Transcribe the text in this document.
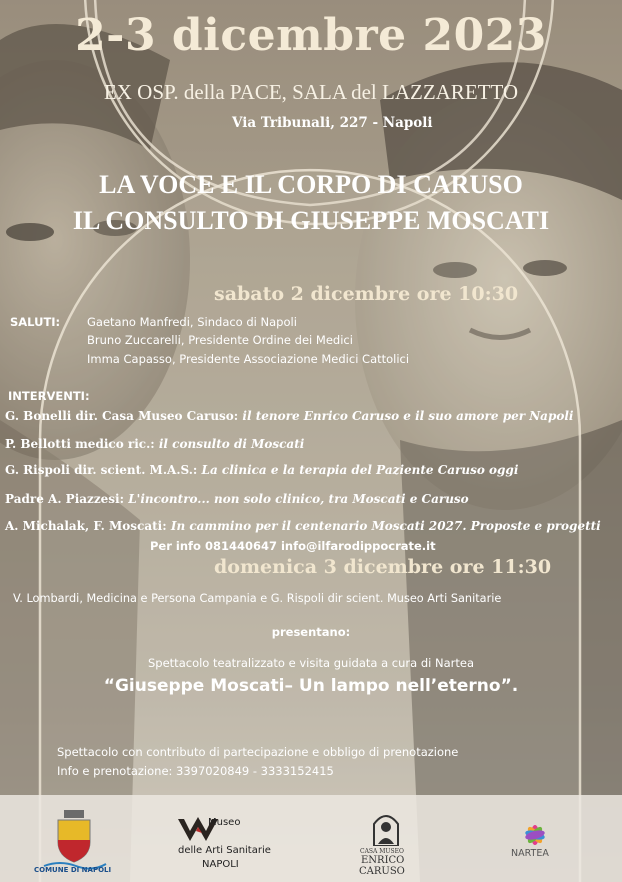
2-3 dicembre 2023
EX OSP. della PACE, SALA del LAZZARETTO
Via Tribunali, 227 - Napoli
LA VOCE E IL CORPO DI CARUSO
IL CONSULTO DI GIUSEPPE MOSCATI
sabato 2 dicembre ore 10:30
SALUTI: Gaetano Manfredi, Sindaco di Napoli
Bruno Zuccarelli, Presidente Ordine dei Medici
Imma Capasso, Presidente Associazione Medici Cattolici
INTERVENTI:
G. Bonelli dir. Casa Museo Caruso: il tenore Enrico Caruso e il suo amore per Napoli
P. Bellotti medico ric.: il consulto di Moscati
G. Rispoli dir. scient. M.A.S.: La clinica e la terapia del Paziente Caruso oggi
Padre A. Piazzesi: L'incontro... non solo clinico, tra Moscati e Caruso
A. Michalak, F. Moscati: In cammino per il centenario Moscati 2027. Proposte e progetti
Per info 081440647 info@ilfarodippocrate.it
domenica 3 dicembre ore 11:30
V. Lombardi, Medicina e Persona Campania e G. Rispoli dir scient. Museo Arti Sanitarie
presentano:
Spettacolo teatralizzato e visita guidata a cura di Nartea
“Giuseppe Moscati– Un lampo nell’eterno”.
Spettacolo con contributo di partecipazione e obbligo di prenotazione
Info e prenotazione: 3397020849 - 3333152415
COMUNE DI NAPOLI
Museo
delle Arti Sanitarie
NAPOLI
CASA MUSEO
ENRICO
CARUSO
NARTEA
